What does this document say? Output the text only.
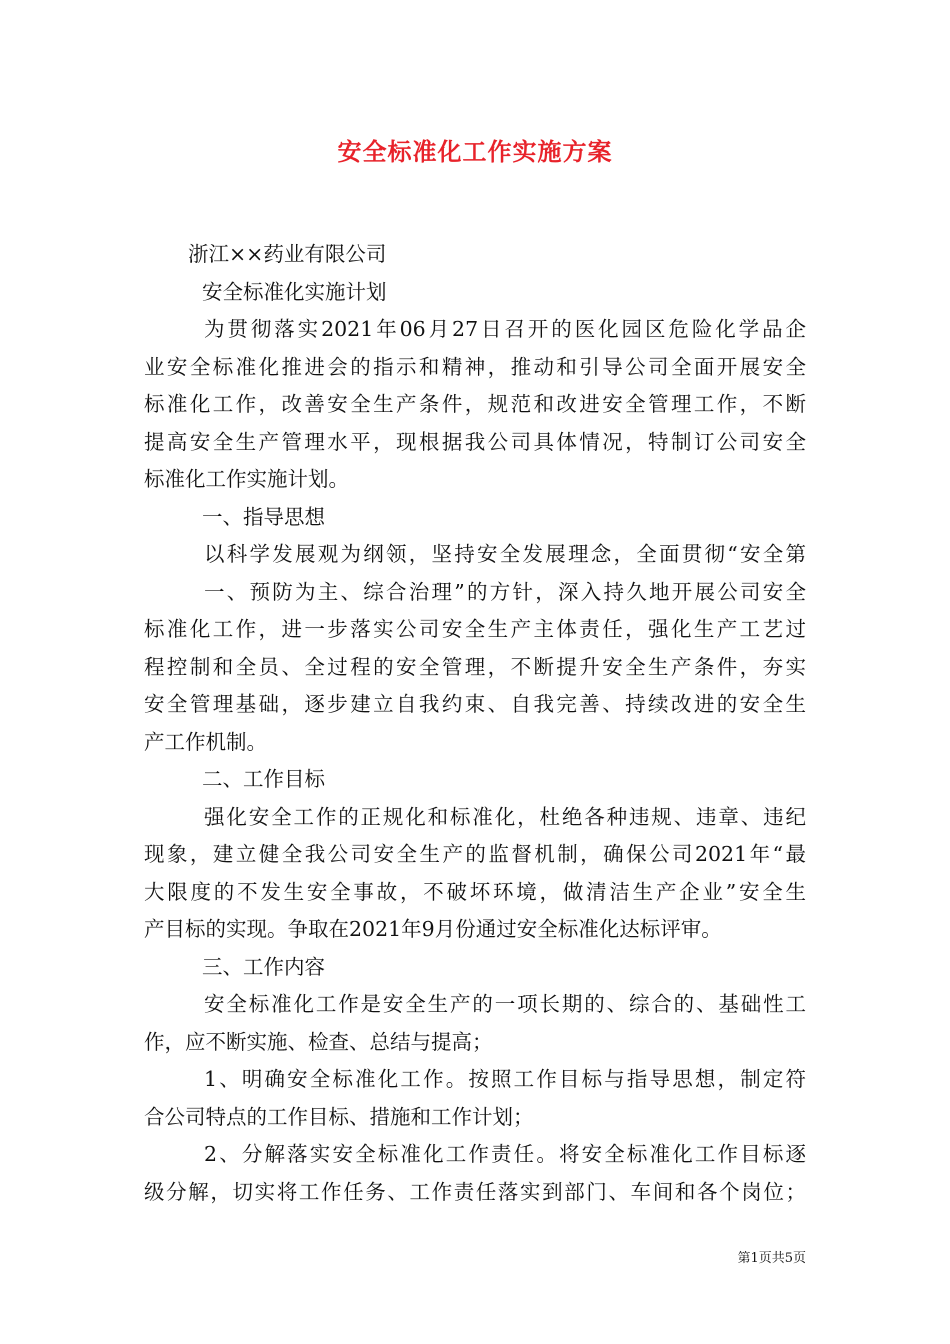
安全标准化工作实施方案
浙江××药业有限公司
安全标准化实施计划
为贯彻落实2021年06月27日召开的医化园区危险化学品企
业安全标准化推进会的指示和精神，推动和引导公司全面开展安全
标准化工作，改善安全生产条件，规范和改进安全管理工作，不断
提高安全生产管理水平，现根据我公司具体情况，特制订公司安全
标准化工作实施计划。
一、指导思想
以科学发展观为纲领，坚持安全发展理念，全面贯彻“安全第
一、预防为主、综合治理”的方针，深入持久地开展公司安全
标准化工作，进一步落实公司安全生产主体责任，强化生产工艺过
程控制和全员、全过程的安全管理，不断提升安全生产条件，夯实
安全管理基础，逐步建立自我约束、自我完善、持续改进的安全生
产工作机制。
二、工作目标
强化安全工作的正规化和标准化，杜绝各种违规、违章、违纪
现象，建立健全我公司安全生产的监督机制，确保公司2021年“最
大限度的不发生安全事故，不破坏环境，做清洁生产企业”安全生
产目标的实现。争取在2021年9月份通过安全标准化达标评审。
三、工作内容
安全标准化工作是安全生产的一项长期的、综合的、基础性工
作，应不断实施、检查、总结与提高；
1、明确安全标准化工作。按照工作目标与指导思想，制定符
合公司特点的工作目标、措施和工作计划；
2、分解落实安全标准化工作责任。将安全标准化工作目标逐
级分解，切实将工作任务、工作责任落实到部门、车间和各个岗位；
第1页共5页
